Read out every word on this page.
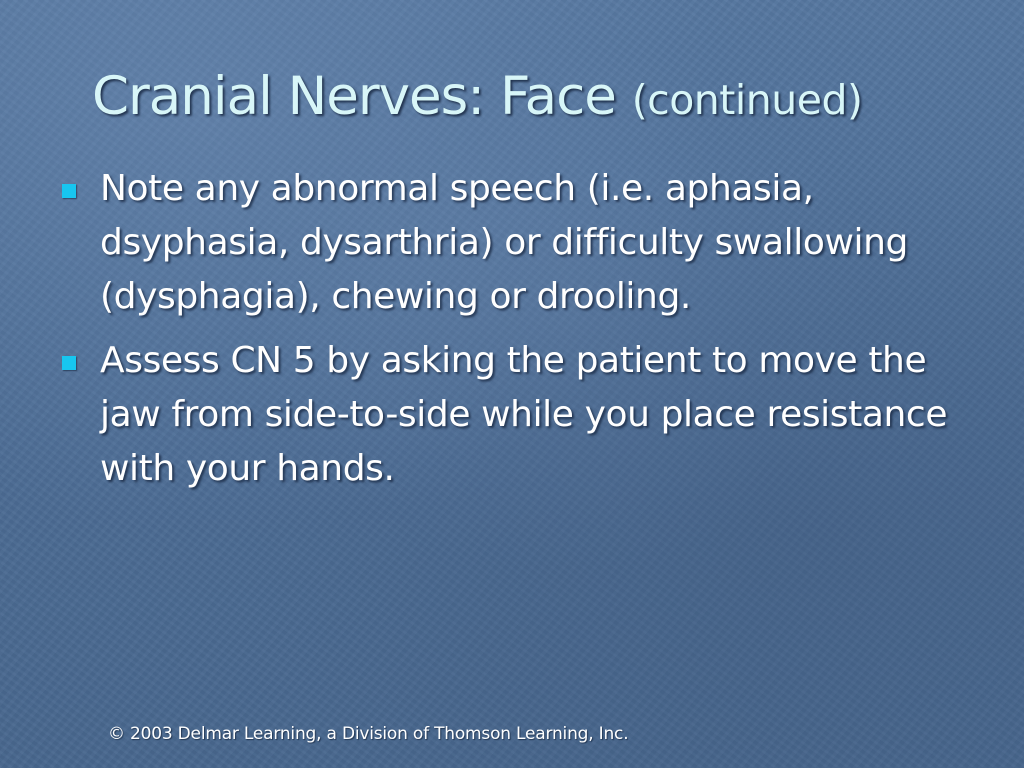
Cranial Nerves: Face (continued)
Note any abnormal speech (i.e. aphasia, dsyphasia, dysarthria) or difficulty swallowing (dysphagia), chewing or drooling.
Assess CN 5 by asking the patient to move the jaw from side-to-side while you place resistance with your hands.
© 2003 Delmar Learning, a Division of Thomson Learning, Inc.
